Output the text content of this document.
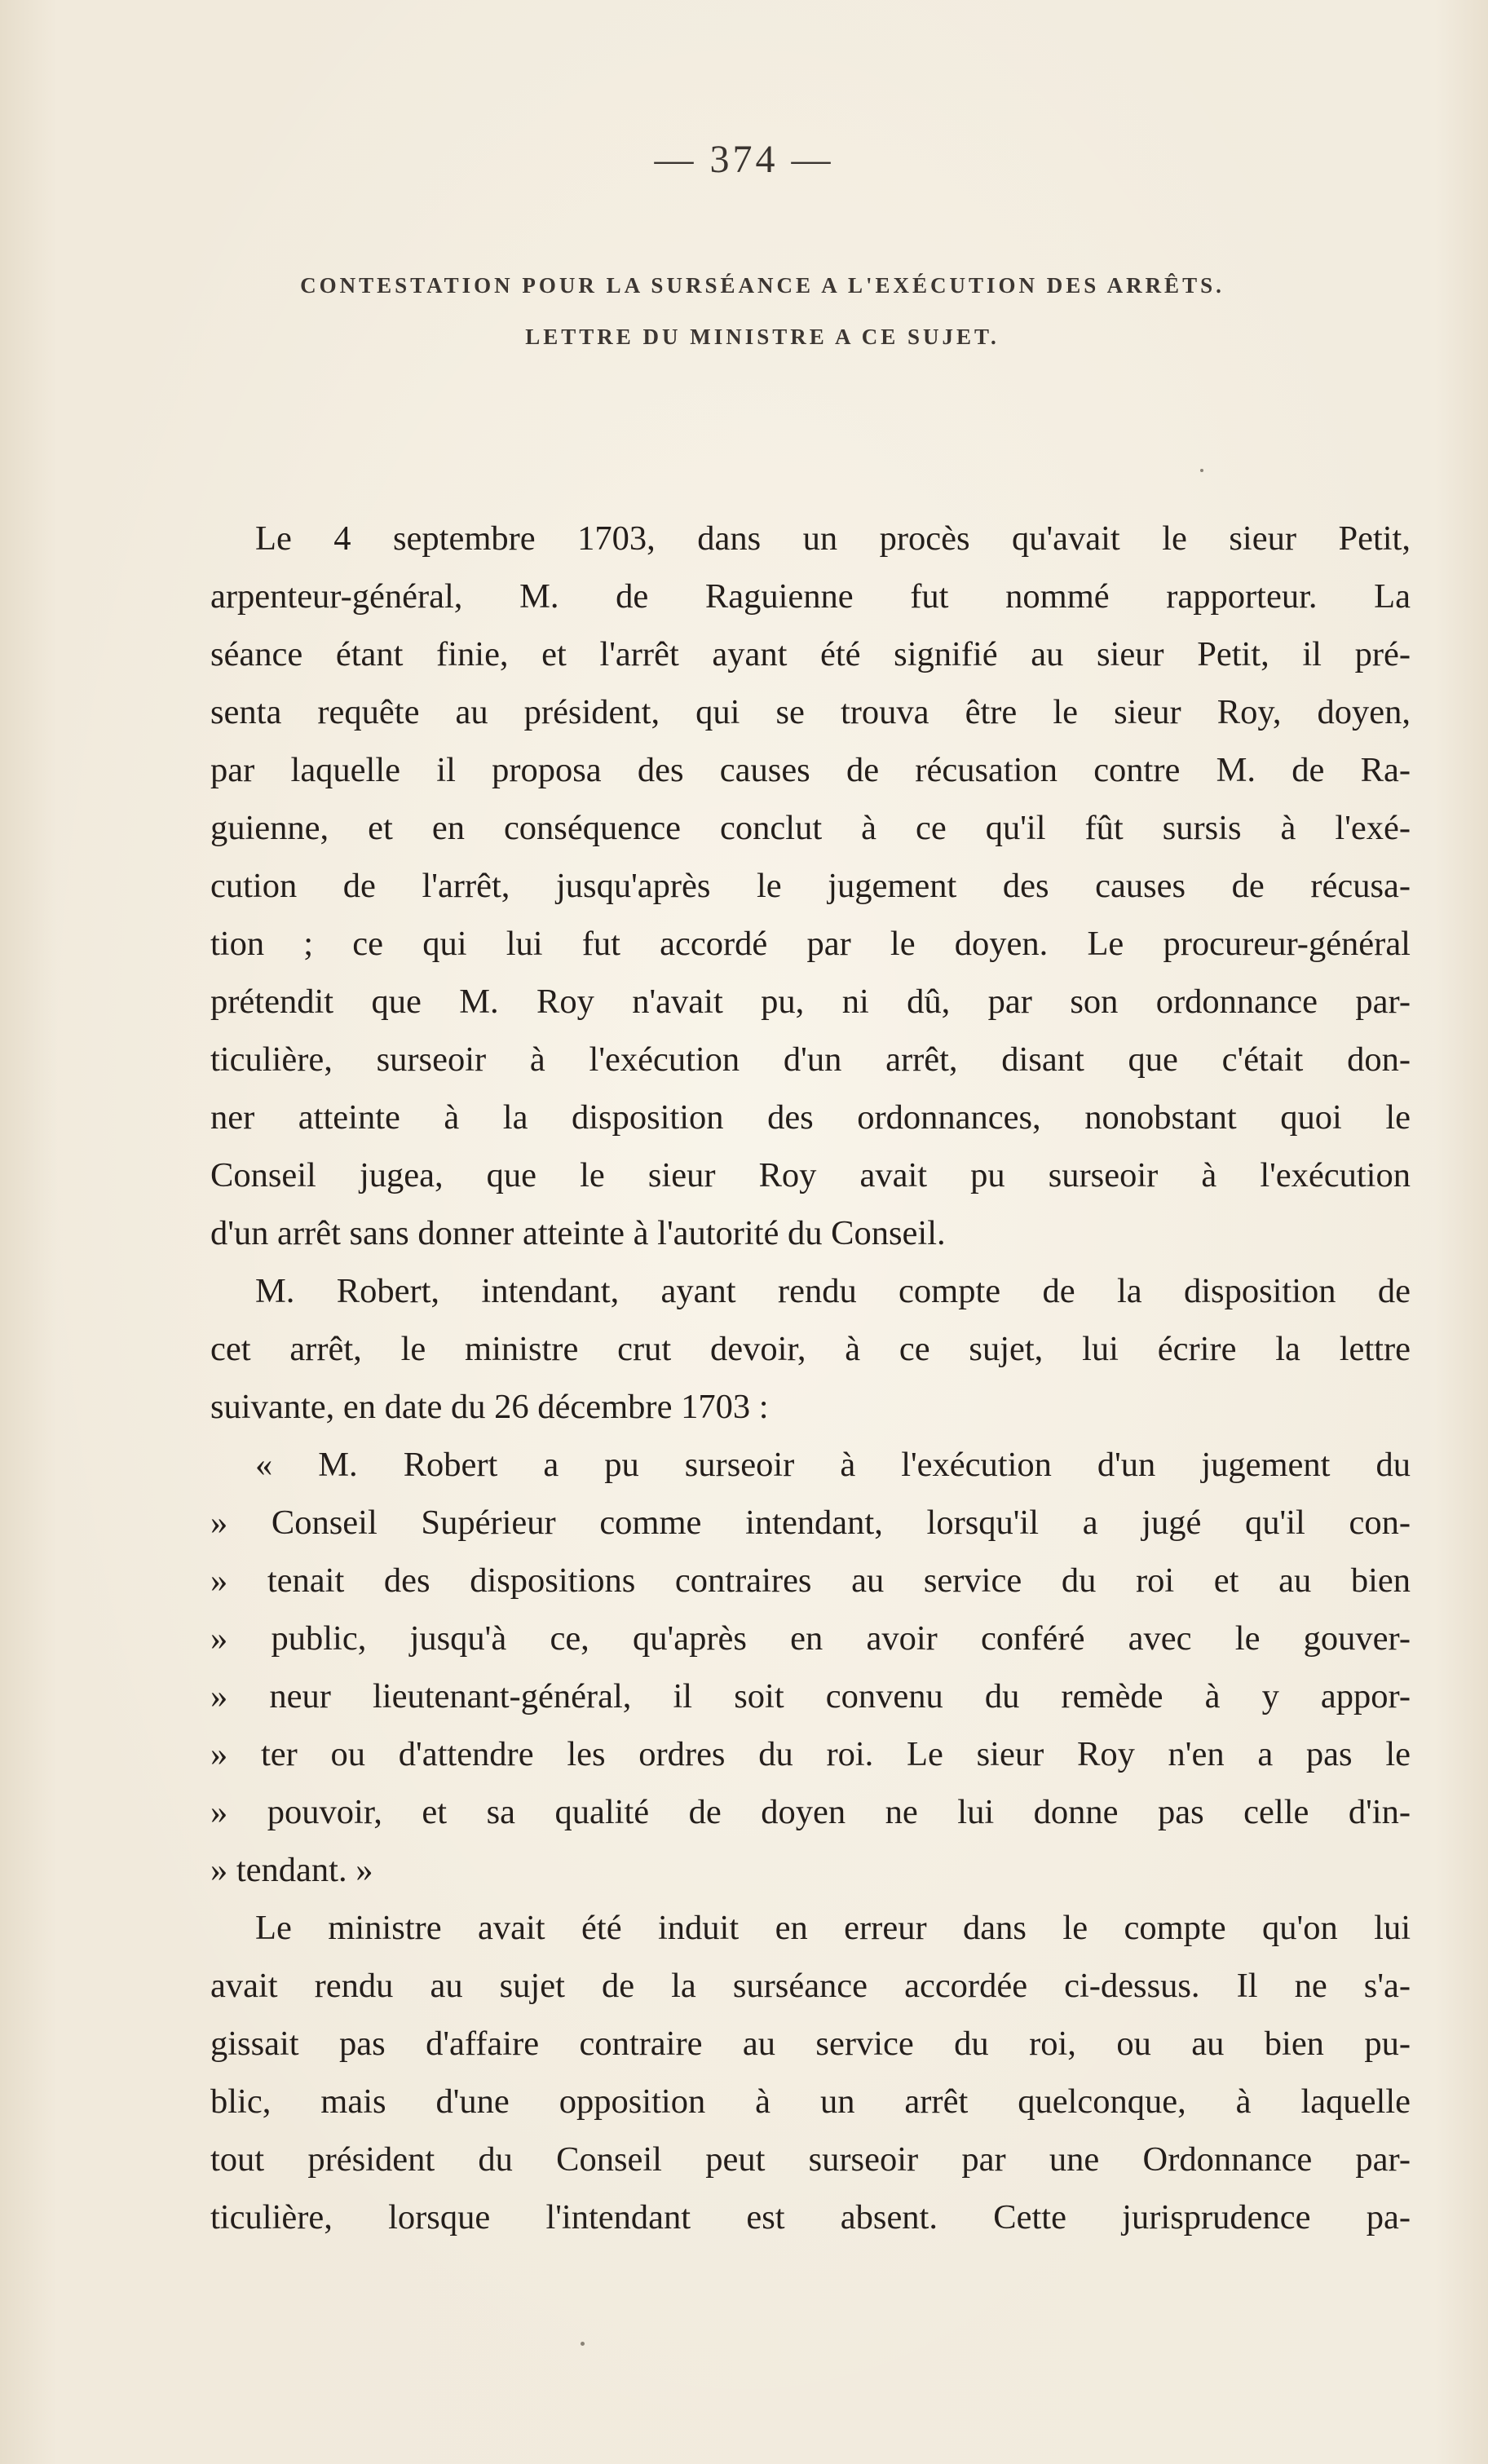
— 374 —
CONTESTATION POUR LA SURSÉANCE A L'EXÉCUTION DES ARRÊTS.
LETTRE DU MINISTRE A CE SUJET.
Le 4 septembre 1703, dans un procès qu'avait le sieur Petit,
arpenteur-général, M. de Raguienne fut nommé rapporteur. La
séance étant finie, et l'arrêt ayant été signifié au sieur Petit, il pré-
senta requête au président, qui se trouva être le sieur Roy, doyen,
par laquelle il proposa des causes de récusation contre M. de Ra-
guienne, et en conséquence conclut à ce qu'il fût sursis à l'exé-
cution de l'arrêt, jusqu'après le jugement des causes de récusa-
tion ; ce qui lui fut accordé par le doyen. Le procureur-général
prétendit que M. Roy n'avait pu, ni dû, par son ordonnance par-
ticulière, surseoir à l'exécution d'un arrêt, disant que c'était don-
ner atteinte à la disposition des ordonnances, nonobstant quoi le
Conseil jugea, que le sieur Roy avait pu surseoir à l'exécution
d'un arrêt sans donner atteinte à l'autorité du Conseil.
M. Robert, intendant, ayant rendu compte de la disposition de
cet arrêt, le ministre crut devoir, à ce sujet, lui écrire la lettre
suivante, en date du 26 décembre 1703 :
« M. Robert a pu surseoir à l'exécution d'un jugement du
» Conseil Supérieur comme intendant, lorsqu'il a jugé qu'il con-
» tenait des dispositions contraires au service du roi et au bien
» public, jusqu'à ce, qu'après en avoir conféré avec le gouver-
» neur lieutenant-général, il soit convenu du remède à y appor-
» ter ou d'attendre les ordres du roi. Le sieur Roy n'en a pas le
» pouvoir, et sa qualité de doyen ne lui donne pas celle d'in-
» tendant. »
Le ministre avait été induit en erreur dans le compte qu'on lui
avait rendu au sujet de la surséance accordée ci-dessus. Il ne s'a-
gissait pas d'affaire contraire au service du roi, ou au bien pu-
blic, mais d'une opposition à un arrêt quelconque, à laquelle
tout président du Conseil peut surseoir par une Ordonnance par-
ticulière, lorsque l'intendant est absent. Cette jurisprudence pa-
